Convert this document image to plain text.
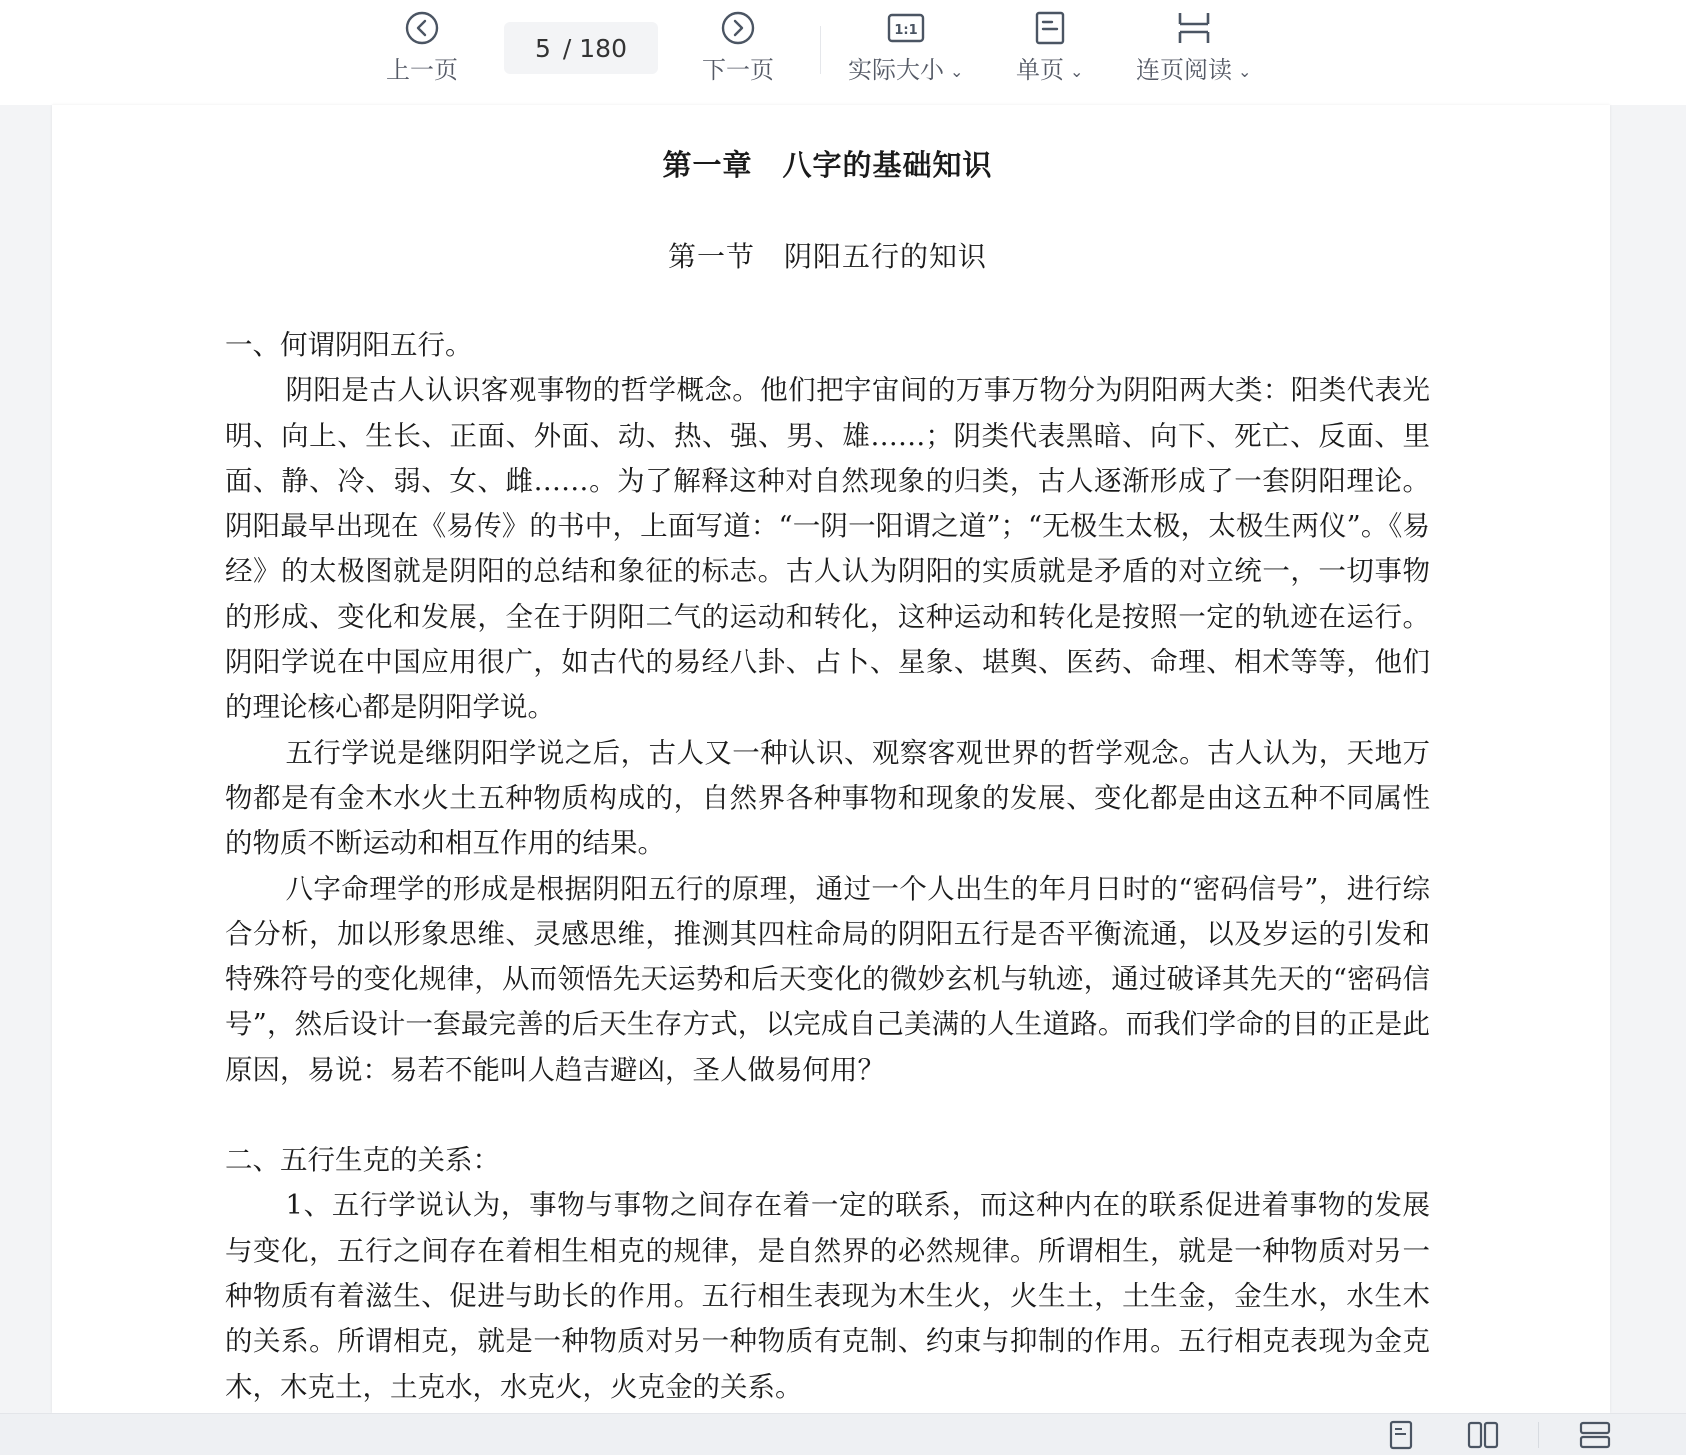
上一页
5 / 180
下一页
1:1
实际大小 ⌄ 单页 ⌄ 连页阅读 ⌄
第一章　八字的基础知识
第一节　阴阳五行的知识

一、何谓阴阳五行。

阴阳是古人认识客观事物的哲学概念。他们把宇宙间的万事万物分为阴阳两大类：阳类代表光明、向上、生长、正面、外面、动、热、强、男、雄……；阴类代表黑暗、向下、死亡、反面、里面、静、冷、弱、女、雌……。为了解释这种对自然现象的归类，古人逐渐形成了一套阴阳理论。阴阳最早出现在《易传》的书中，上面写道：“一阴一阳谓之道”；“无极生太极，太极生两仪”。《易经》的太极图就是阴阳的总结和象征的标志。古人认为阴阳的实质就是矛盾的对立统一，一切事物的形成、变化和发展，全在于阴阳二气的运动和转化，这种运动和转化是按照一定的轨迹在运行。阴阳学说在中国应用很广，如古代的易经八卦、占卜、星象、堪舆、医药、命理、相术等等，他们的理论核心都是阴阳学说。

五行学说是继阴阳学说之后，古人又一种认识、观察客观世界的哲学观念。古人认为，天地万物都是有金木水火土五种物质构成的，自然界各种事物和现象的发展、变化都是由这五种不同属性的物质不断运动和相互作用的结果。

八字命理学的形成是根据阴阳五行的原理，通过一个人出生的年月日时的“密码信号”，进行综合分析，加以形象思维、灵感思维，推测其四柱命局的阴阳五行是否平衡流通，以及岁运的引发和特殊符号的变化规律，从而领悟先天运势和后天变化的微妙玄机与轨迹，通过破译其先天的“密码信号”，然后设计一套最完善的后天生存方式，以完成自己美满的人生道路。而我们学命的目的正是此原因，易说：易若不能叫人趋吉避凶，圣人做易何用？

二、五行生克的关系：

1、五行学说认为，事物与事物之间存在着一定的联系，而这种内在的联系促进着事物的发展与变化，五行之间存在着相生相克的规律，是自然界的必然规律。所谓相生，就是一种物质对另一种物质有着滋生、促进与助长的作用。五行相生表现为木生火，火生土，土生金，金生水，水生木的关系。所谓相克，就是一种物质对另一种物质有克制、约束与抑制的作用。五行相克表现为金克木，木克土，土克水，水克火，火克金的关系。
